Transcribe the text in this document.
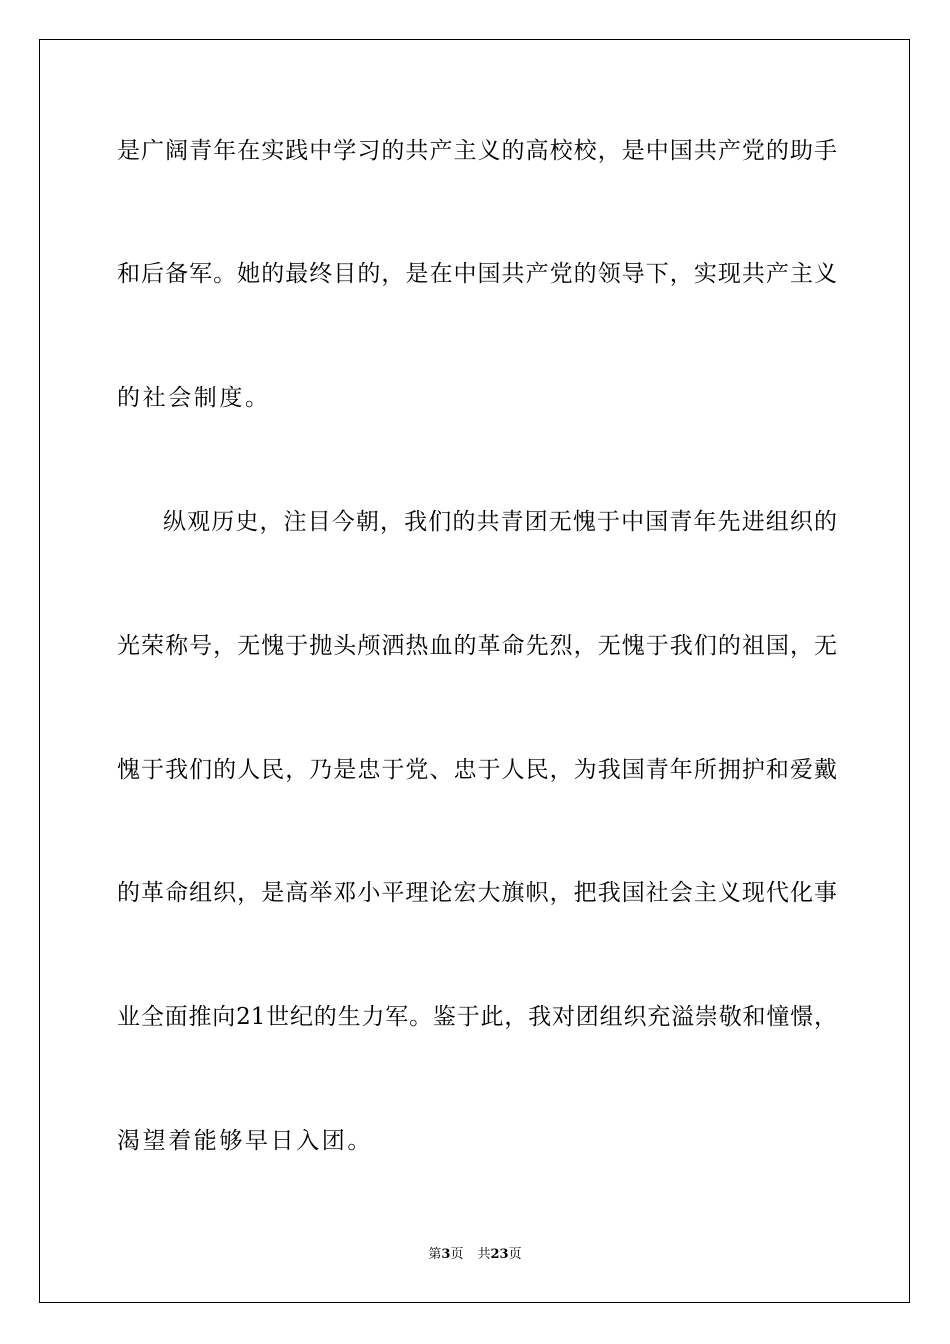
是广阔青年在实践中学习的共产主义的高校校，是中国共产党的助手

和后备军。她的最终目的，是在中国共产党的领导下，实现共产主义

的社会制度。

纵观历史，注目今朝，我们的共青团无愧于中国青年先进组织的

光荣称号，无愧于抛头颅洒热血的革命先烈，无愧于我们的祖国，无

愧于我们的人民，乃是忠于党、忠于人民，为我国青年所拥护和爱戴

的革命组织，是高举邓小平理论宏大旗帜，把我国社会主义现代化事

业全面推向21世纪的生力军。鉴于此，我对团组织充溢崇敬和憧憬，

渴望着能够早日入团。

第3页 共23页
